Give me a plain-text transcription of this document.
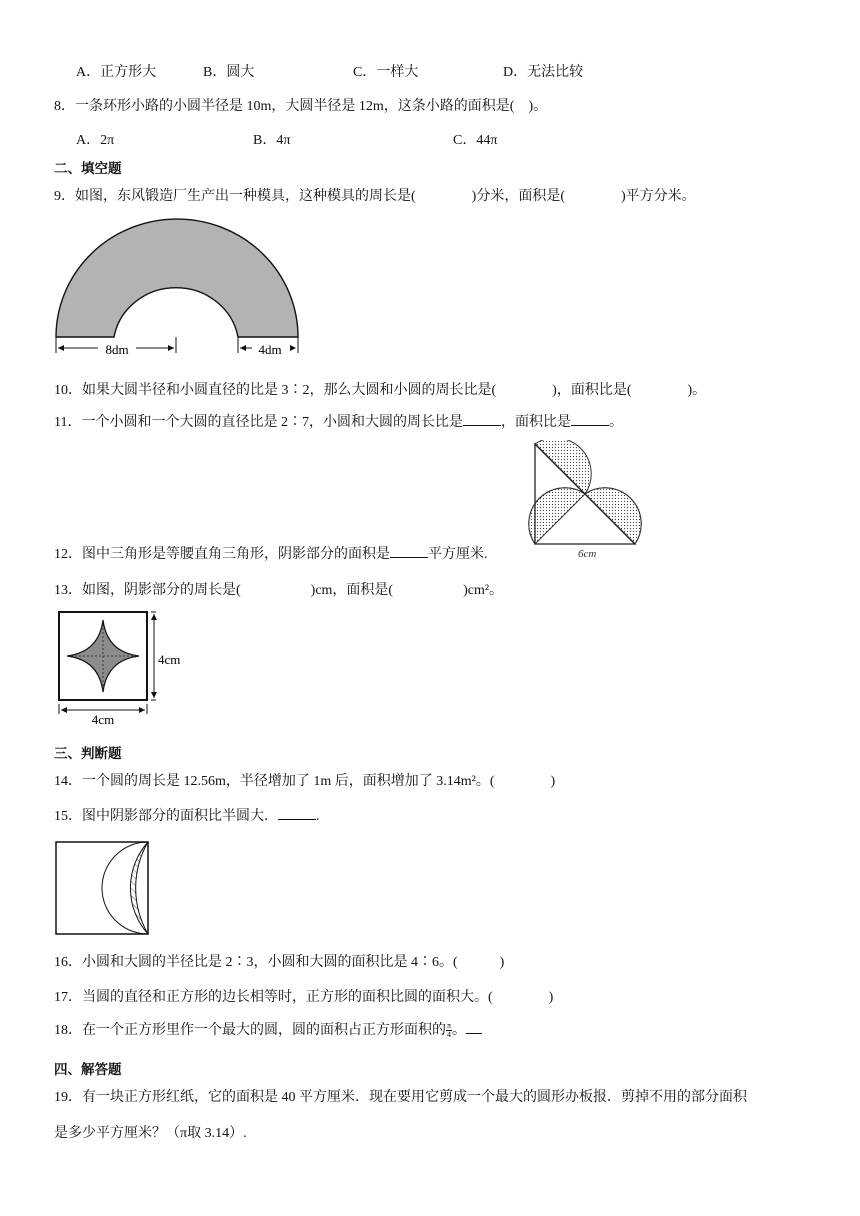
A．正方形大	B．圆大	C．一样大	D．无法比较
8．一条环形小路的小圆半径是 10m，大圆半径是 12m，这条小路的面积是(　)。
A．2π	B．4π	C．44π
二、填空题
9．如图，东风锻造厂生产出一种模具，这种模具的周长是(　　　　)分米，面积是(　　　　)平方分米。
8dm	4dm
10．如果大圆半径和小圆直径的比是 3∶2，那么大圆和小圆的周长比是(　　　　)，面积比是(　　　　)。
11．一个小圆和一个大圆的直径比是 2∶7，小圆和大圆的周长比是	，面积比是	。
6cm
12．图中三角形是等腰直角三角形，阴影部分的面积是	平方厘米.
13．如图，阴影部分的周长是(　　　　　)cm，面积是(　　　　　)cm²。
4cm
4cm
三、判断题
14．一个圆的周长是 12.56m，半径增加了 1m 后，面积增加了 3.14m²。(　　　　)
15．图中阴影部分的面积比半圆大．	.
16．小圆和大圆的半径比是 2∶3，小圆和大圆的面积比是 4∶6。(　　　)
17．当圆的直径和正方形的边长相等时，正方形的面积比圆的面积大。(　　　　)
18．在一个正方形里作一个最大的圆，圆的面积占正方形面积的 $\frac{\pi}{4}$ 。
四、解答题
19．有一块正方形红纸，它的面积是 40 平方厘米．现在要用它剪成一个最大的圆形办板报．剪掉不用的部分面积
是多少平方厘米？（π取 3.14）.
